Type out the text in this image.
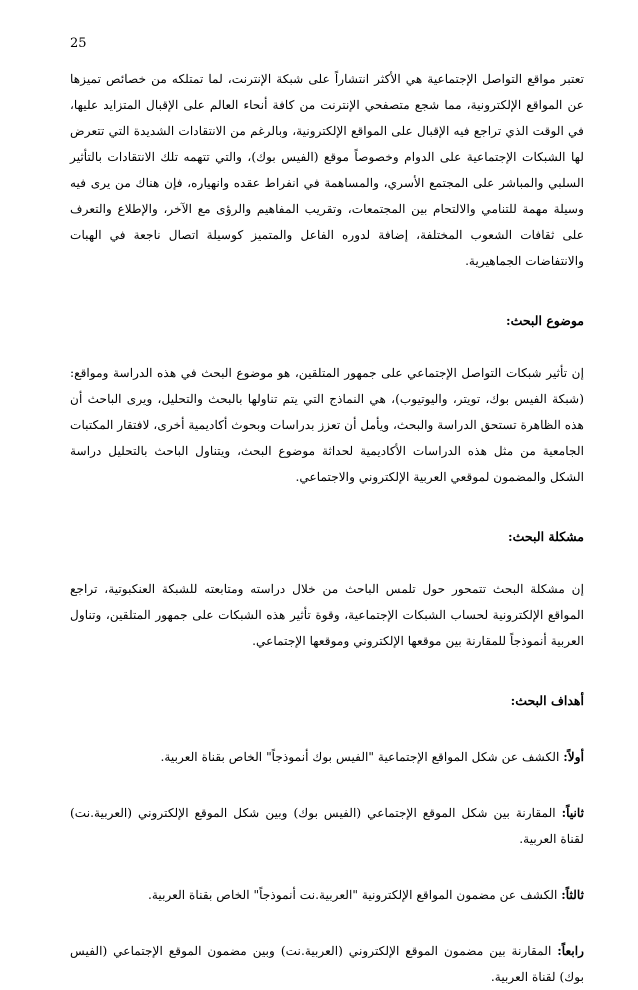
25

تعتبر مواقع التواصل الإجتماعية هي الأكثر انتشاراً على شبكة الإنترنت، لما تمتلكه من خصائص تميزها عن المواقع الإلكترونية، مما شجع متصفحي الإنترنت من كافة أنحاء العالم على الإقبال المتزايد عليها، في الوقت الذي تراجع فيه الإقبال على المواقع الإلكترونية، وبالرغم من الانتقادات الشديدة التي تتعرض لها الشبكات الإجتماعية على الدوام وخصوصاً موقع (الفيس بوك)، والتي تتهمه تلك الانتقادات بالتأثير السلبي والمباشر على المجتمع الأسري، والمساهمة في انفراط عقده وانهياره، فإن هناك من يرى فيه وسيلة مهمة للتنامي والالتحام بين المجتمعات، وتقريب المفاهيم والرؤى مع الآخر، والإطلاع والتعرف على ثقافات الشعوب المختلفة، إضافة لدوره الفاعل والمتميز كوسيلة اتصال ناجعة في الهبات والانتفاضات الجماهيرية.

موضوع البحث:

إن تأثير شبكات التواصل الإجتماعي على جمهور المتلقين، هو موضوع البحث في هذه الدراسة ومواقع: (شبكة الفيس بوك، تويتر، واليوتيوب)، هي النماذج التي يتم تناولها بالبحث والتحليل، ويرى الباحث أن هذه الظاهرة تستحق الدراسة والبحث، ويأمل أن تعزز بدراسات وبحوث أكاديمية أخرى، لافتقار المكتبات الجامعية من مثل هذه الدراسات الأكاديمية لحداثة موضوع البحث، ويتناول الباحث بالتحليل دراسة الشكل والمضمون لموقعي العربية الإلكتروني والاجتماعي.

مشكلة البحث:

إن مشكلة البحث تتمحور حول تلمس الباحث من خلال دراسته ومتابعته للشبكة العنكبوتية، تراجع المواقع الإلكترونية لحساب الشبكات الإجتماعية، وقوة تأثير هذه الشبكات على جمهور المتلقين، وتناول العربية أنموذجاً للمقارنة بين موقعها الإلكتروني وموقعها الإجتماعي.

أهداف البحث:

أولاً: الكشف عن شكل المواقع الإجتماعية "الفيس بوك أنموذجاً" الخاص بقناة العربية.

ثانياً: المقارنة بين شكل الموقع الإجتماعي (الفيس بوك) وبين شكل الموقع الإلكتروني (العربية.نت) لقناة العربية.

ثالثاً: الكشف عن مضمون المواقع الإلكترونية "العربية.نت أنموذجاً" الخاص بقناة العربية.

رابعاً: المقارنة بين مضمون الموقع الإلكتروني (العربية.نت) وبين مضمون الموقع الإجتماعي (الفيس بوك) لقناة العربية.
